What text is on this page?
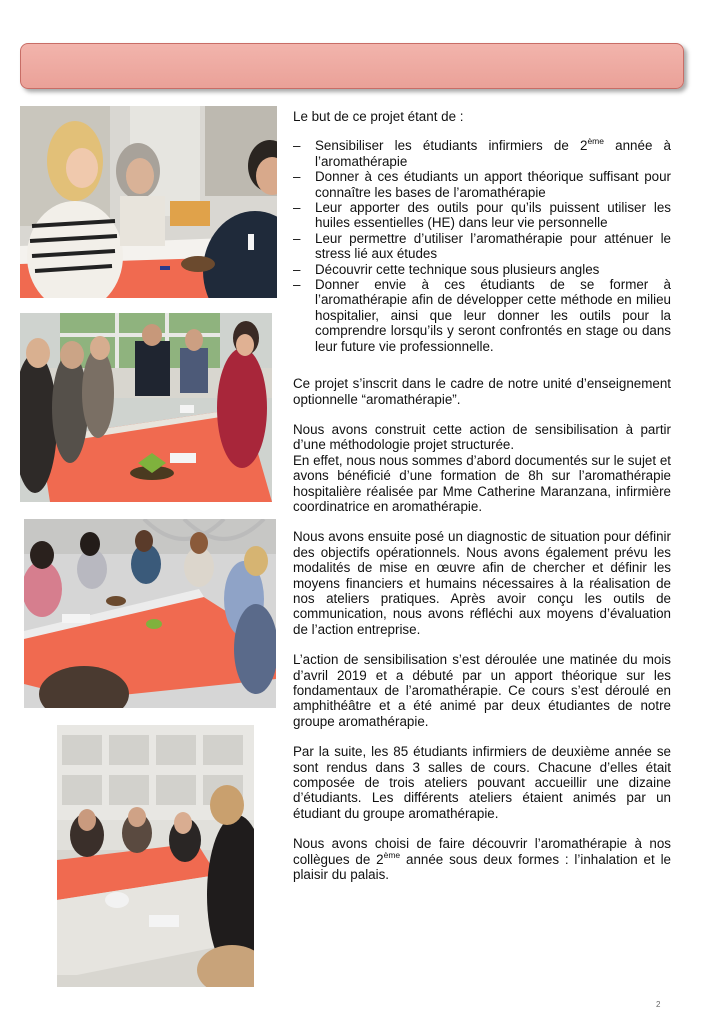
Le but de ce projet étant de :

– Sensibiliser les étudiants infirmiers de 2ème année à l’aromathérapie
– Donner à ces étudiants un apport théorique suffisant pour connaître les bases de l’aromathérapie
– Leur apporter des outils pour qu’ils puissent utiliser les huiles essentielles (HE) dans leur vie personnelle
– Leur permettre d’utiliser l’aromathérapie pour atténuer le stress lié aux études
– Découvrir cette technique sous plusieurs angles
– Donner envie à ces étudiants de se former à l’aromathérapie afin de développer cette méthode en milieu hospitalier, ainsi que leur donner les outils pour la comprendre lorsqu’ils y seront confrontés en stage ou dans leur future vie professionnelle.

Ce projet s’inscrit dans le cadre de notre unité d’enseignement optionnelle “aromathérapie”.

Nous avons construit cette action de sensibilisation à partir d’une méthodologie projet structurée.

En effet, nous nous sommes d’abord documentés sur le sujet et avons bénéficié d’une formation de 8h sur l’aromathérapie hospitalière réalisée par Mme Catherine Maranzana, infirmière coordinatrice en aromathérapie.

Nous avons ensuite posé un diagnostic de situation pour définir des objectifs opérationnels. Nous avons également prévu les modalités de mise en œuvre afin de chercher et définir les moyens financiers et humains nécessaires à la réalisation de nos ateliers pratiques. Après avoir conçu les outils de communication, nous avons réfléchi aux moyens d’évaluation de l’action entreprise.

L’action de sensibilisation s’est déroulée une matinée du mois d’avril 2019 et a débuté par un apport théorique sur les fondamentaux de l’aromathérapie. Ce cours s’est déroulé en amphithéâtre et a été animé par deux étudiantes de notre groupe aromathérapie.

Par la suite, les 85 étudiants infirmiers de deuxième année se sont rendus dans 3 salles de cours. Chacune d’elles était composée de trois ateliers pouvant accueillir une dizaine d’étudiants. Les différents ateliers étaient animés par un étudiant du groupe aromathérapie.

Nous avons choisi de faire découvrir l’aromathérapie à nos collègues de 2ème année sous deux formes : l’inhalation et le plaisir du palais.

2
